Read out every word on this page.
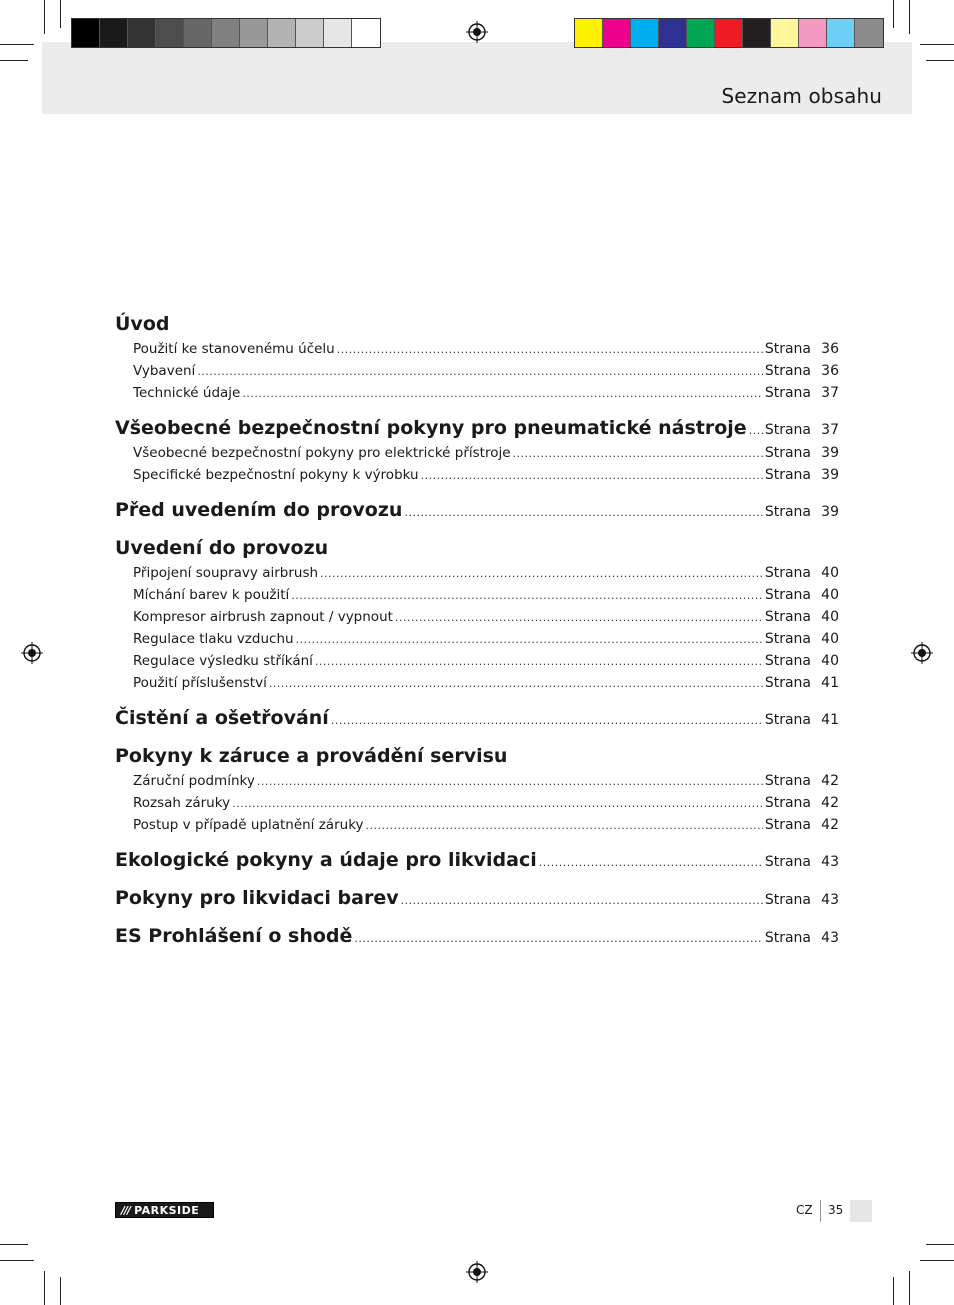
Seznam obsahu
Úvod
Použití ke stanovenému účelu .....	Strana 36
Vybavení .....	Strana 36
Technické údaje .....	Strana 37
Všeobecné bezpečnostní pokyny pro pneumatické nástroje ..... Strana 37
Všeobecné bezpečnostní pokyny pro elektrické přístroje .....	Strana 39
Specifické bezpečnostní pokyny k výrobku .....	Strana 39
Před uvedením do provozu .....	Strana 39
Uvedení do provozu
Připojení soupravy airbrush .....	Strana 40
Míchání barev k použití .....	Strana 40
Kompresor airbrush zapnout / vypnout .....	Strana 40
Regulace tlaku vzduchu .....	Strana 40
Regulace výsledku stříkání .....	Strana 40
Použití příslušenství .....	Strana 41
Čistění a ošetřování .....	Strana 41
Pokyny k záruce a provádění servisu
Záruční podmínky .....	Strana 42
Rozsah záruky .....	Strana 42
Postup v případě uplatnění záruky .....	Strana 42
Ekologické pokyny a údaje pro likvidaci .....	Strana 43
Pokyny pro likvidaci barev .....	Strana 43
ES Prohlášení o shodě .....	Strana 43
/// PARKSIDE	CZ 35
